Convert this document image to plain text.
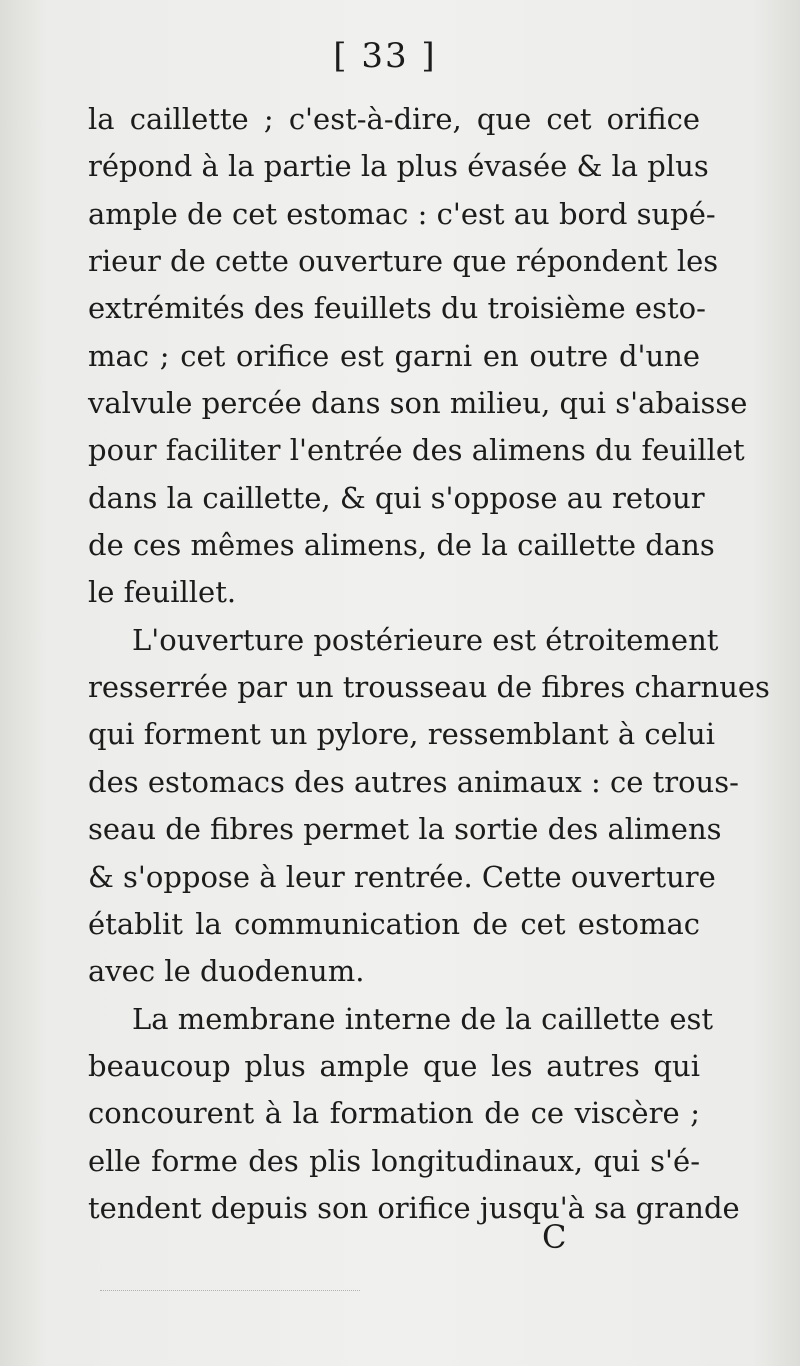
[ 33 ]
la caillette ; c'est-à-dire, que cet orifice
répond à la partie la plus évasée & la plus
ample de cet estomac : c'est au bord supé-
rieur de cette ouverture que répondent les
extrémités des feuillets du troisième esto-
mac ; cet orifice est garni en outre d'une
valvule percée dans son milieu, qui s'abaisse
pour faciliter l'entrée des alimens du feuillet
dans la caillette, & qui s'oppose au retour
de ces mêmes alimens, de la caillette dans
le feuillet.
L'ouverture postérieure est étroitement
resserrée par un trousseau de fibres charnues
qui forment un pylore, ressemblant à celui
des estomacs des autres animaux : ce trous-
seau de fibres permet la sortie des alimens
& s'oppose à leur rentrée. Cette ouverture
établit la communication de cet estomac
avec le duodenum.
La membrane interne de la caillette est
beaucoup plus ample que les autres qui
concourent à la formation de ce viscère ;
elle forme des plis longitudinaux, qui s'é-
tendent depuis son orifice jusqu'à sa grande
C
